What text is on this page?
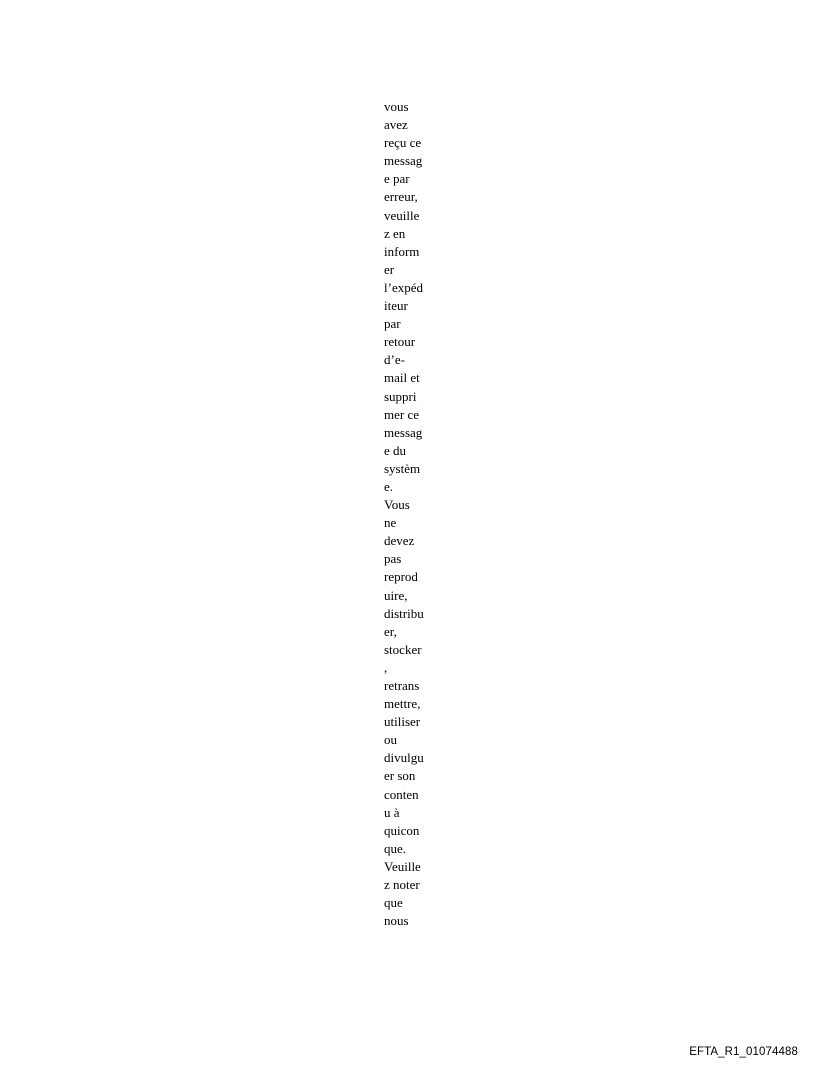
vous
avez
reçu ce
messag
e par
erreur,
veuille
z en
inform
er
l’expéd
iteur
par
retour
d’e-
mail et
suppri
mer ce
messag
e du
systèm
e.
Vous
ne
devez
pas
reprod
uire,
distribu
er,
stocker
,
retrans
mettre,
utiliser
ou
divulgu
er son
conten
u à
quicon
que.
Veuille
z noter
que
nous
EFTA_R1_01074488
